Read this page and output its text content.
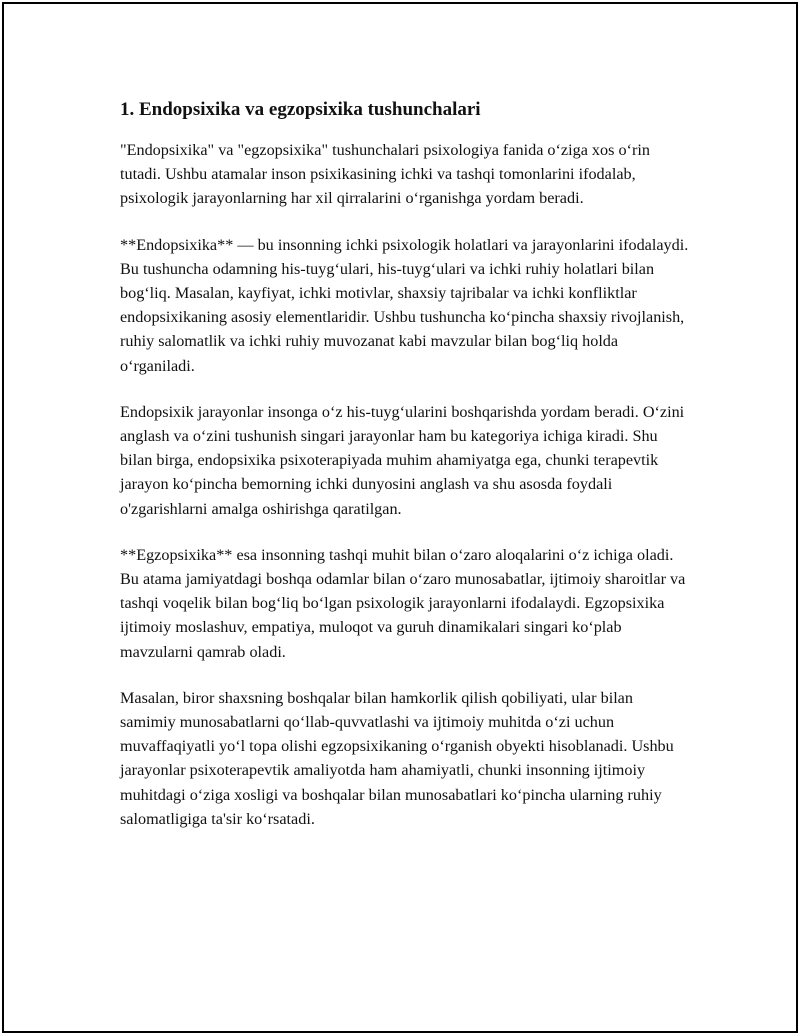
1. Endopsixika va egzopsixika tushunchalari

"Endopsixika" va "egzopsixika" tushunchalari psixologiya fanida o‘ziga xos o‘rin tutadi. Ushbu atamalar inson psixikasining ichki va tashqi tomonlarini ifodalab, psixologik jarayonlarning har xil qirralarini o‘rganishga yordam beradi.

**Endopsixika** — bu insonning ichki psixologik holatlari va jarayonlarini ifodalaydi. Bu tushuncha odamning his-tuyg‘ulari, his-tuyg‘ulari va ichki ruhiy holatlari bilan bog‘liq. Masalan, kayfiyat, ichki motivlar, shaxsiy tajribalar va ichki konfliktlar endopsixikaning asosiy elementlaridir. Ushbu tushuncha ko‘pincha shaxsiy rivojlanish, ruhiy salomatlik va ichki ruhiy muvozanat kabi mavzular bilan bog‘liq holda o‘rganiladi.

Endopsixik jarayonlar insonga o‘z his-tuyg‘ularini boshqarishda yordam beradi. O‘zini anglash va o‘zini tushunish singari jarayonlar ham bu kategoriya ichiga kiradi. Shu bilan birga, endopsixika psixoterapiyada muhim ahamiyatga ega, chunki terapevtik jarayon ko‘pincha bemorning ichki dunyosini anglash va shu asosda foydali o'zgarishlarni amalga oshirishga qaratilgan.

**Egzopsixika** esa insonning tashqi muhit bilan o‘zaro aloqalarini o‘z ichiga oladi. Bu atama jamiyatdagi boshqa odamlar bilan o‘zaro munosabatlar, ijtimoiy sharoitlar va tashqi voqelik bilan bog‘liq bo‘lgan psixologik jarayonlarni ifodalaydi. Egzopsixika ijtimoiy moslashuv, empatiya, muloqot va guruh dinamikalari singari ko‘plab mavzularni qamrab oladi.

Masalan, biror shaxsning boshqalar bilan hamkorlik qilish qobiliyati, ular bilan samimiy munosabatlarni qo‘llab-quvvatlashi va ijtimoiy muhitda o‘zi uchun muvaffaqiyatli yo‘l topa olishi egzopsixikaning o‘rganish obyekti hisoblanadi. Ushbu jarayonlar psixoterapevtik amaliyotda ham ahamiyatli, chunki insonning ijtimoiy muhitdagi o‘ziga xosligi va boshqalar bilan munosabatlari ko‘pincha ularning ruhiy salomatligiga ta'sir ko‘rsatadi.
